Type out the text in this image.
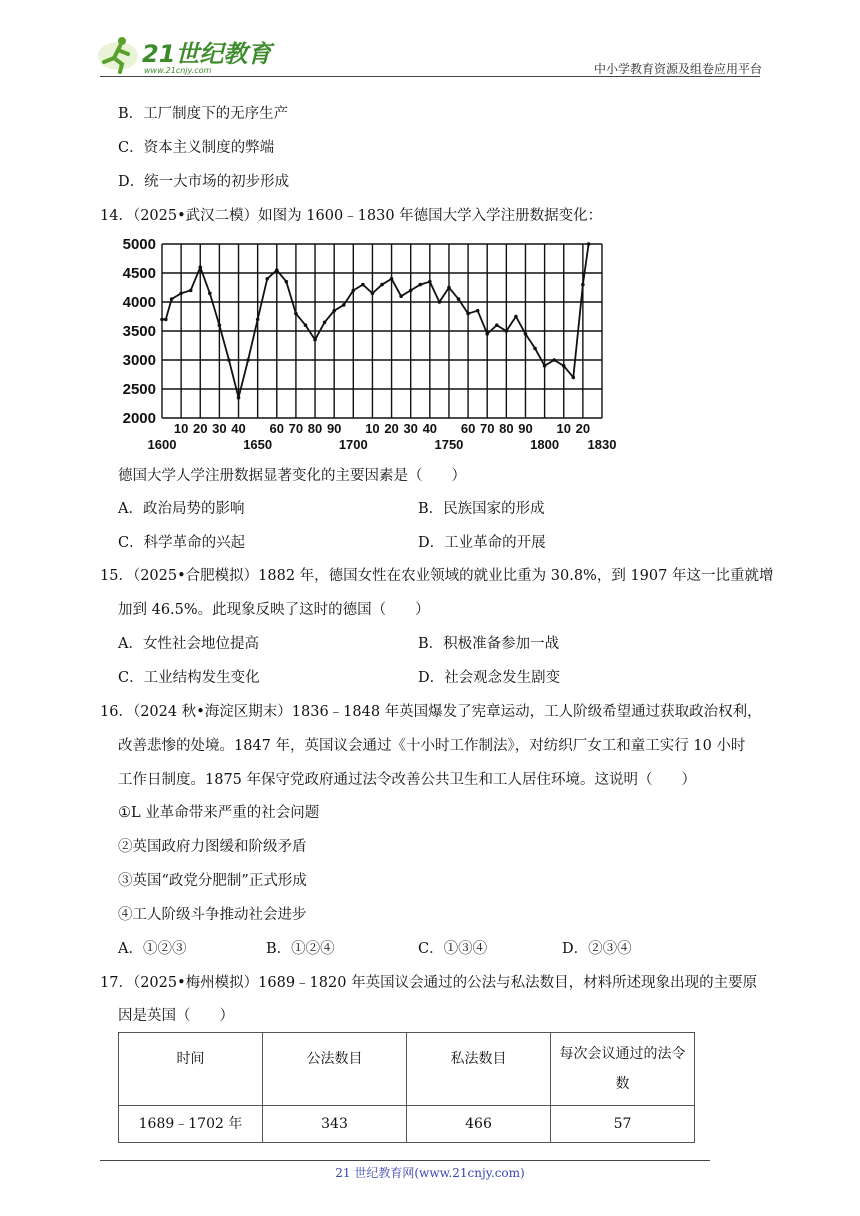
21世纪教育
www.21cnjy.com	中小学教育资源及组卷应用平台
B．工厂制度下的无序生产
C．资本主义制度的弊端
D．统一大市场的初步形成
14．（2025•武汉二模）如图为 1600﹣1830 年德国大学入学注册数据变化：
5000
4500
4000
3500
3000
2500
2000
10 20 30 40 60 70 80 90 10 20 30 40 60 70 80 90 10 20
1600	1650	1700	1750	1800 1830
德国大学人学注册数据显著变化的主要因素是（　　）
A．政治局势的影响	B．民族国家的形成
C．科学革命的兴起	D．工业革命的开展
15．（2025•合肥模拟）1882 年，德国女性在农业领域的就业比重为 30.8%，到 1907 年这一比重就增
加到 46.5%。此现象反映了这时的德国（　　）
A．女性社会地位提高	B．积极准备参加一战
C．工业结构发生变化	D．社会观念发生剧变
16．（2024 秋•海淀区期末）1836﹣1848 年英国爆发了宪章运动，工人阶级希望通过获取政治权利，
改善悲惨的处境。1847 年，英国议会通过《十小时工作制法》，对纺织厂女工和童工实行 10 小时
工作日制度。1875 年保守党政府通过法令改善公共卫生和工人居住环境。这说明（　　）
①L 业革命带来严重的社会问题
②英国政府力图缓和阶级矛盾
③英国“政党分肥制”正式形成
④工人阶级斗争推动社会进步
A．①②③	B．①②④	C．①③④	D．②③④
17．（2025•梅州模拟）1689﹣1820 年英国议会通过的公法与私法数目，材料所述现象出现的主要原
因是英国（　　）
时间	公法数目	私法数目	每次会议通过的法令
数

1689﹣1702 年	343	466	57
21 世纪教育网(www.21cnjy.com)
